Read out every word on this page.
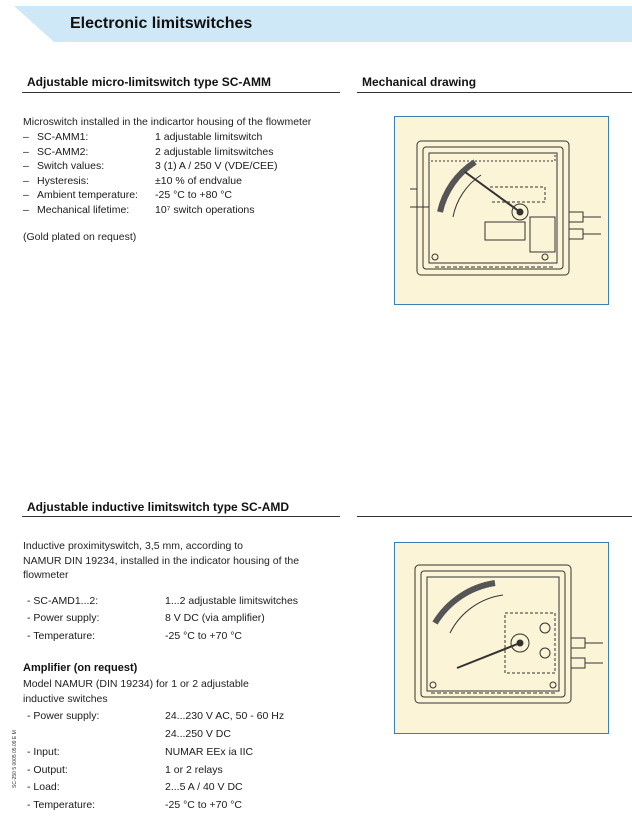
Electronic limitswitches
Adjustable micro-limitswitch type SC-AMM	Mechanical drawing
Microswitch installed in the indicartor housing of the flowmeter
– SC-AMM1:	1 adjustable limitswitch
– SC-AMM2:	2 adjustable limitswitches
– Switch values:	3 (1) A / 250 V (VDE/CEE)
– Hysteresis:	±10 % of endvalue
– Ambient temperature: -25 °C to +80 °C
– Mechanical lifetime: 10⁷ switch operations
(Gold plated on request)
Adjustable inductive limitswitch type SC-AMD
Inductive proximityswitch, 3,5 mm, according to
NAMUR DIN 19234, installed in the indicator housing of the
flowmeter
- SC-AMD1...2:	1...2 adjustable limitswitches
- Power supply:	8 V DC (via amplifier)
- Temperature:	-25 °C to +70 °C
Amplifier (on request)
Model NAMUR (DIN 19234) for 1 or 2 adjustable
inductive switches
- Power supply:	24...230 V AC, 50 - 60 Hz
24...250 V DC
- Input:	NUMAR EEx ia IIC
- Output:	1 or 2 relays
- Load:	2...5 A / 40 V DC
- Temperature:	-25 °C to +70 °C
SC-250 5 0005 05.09 E M
